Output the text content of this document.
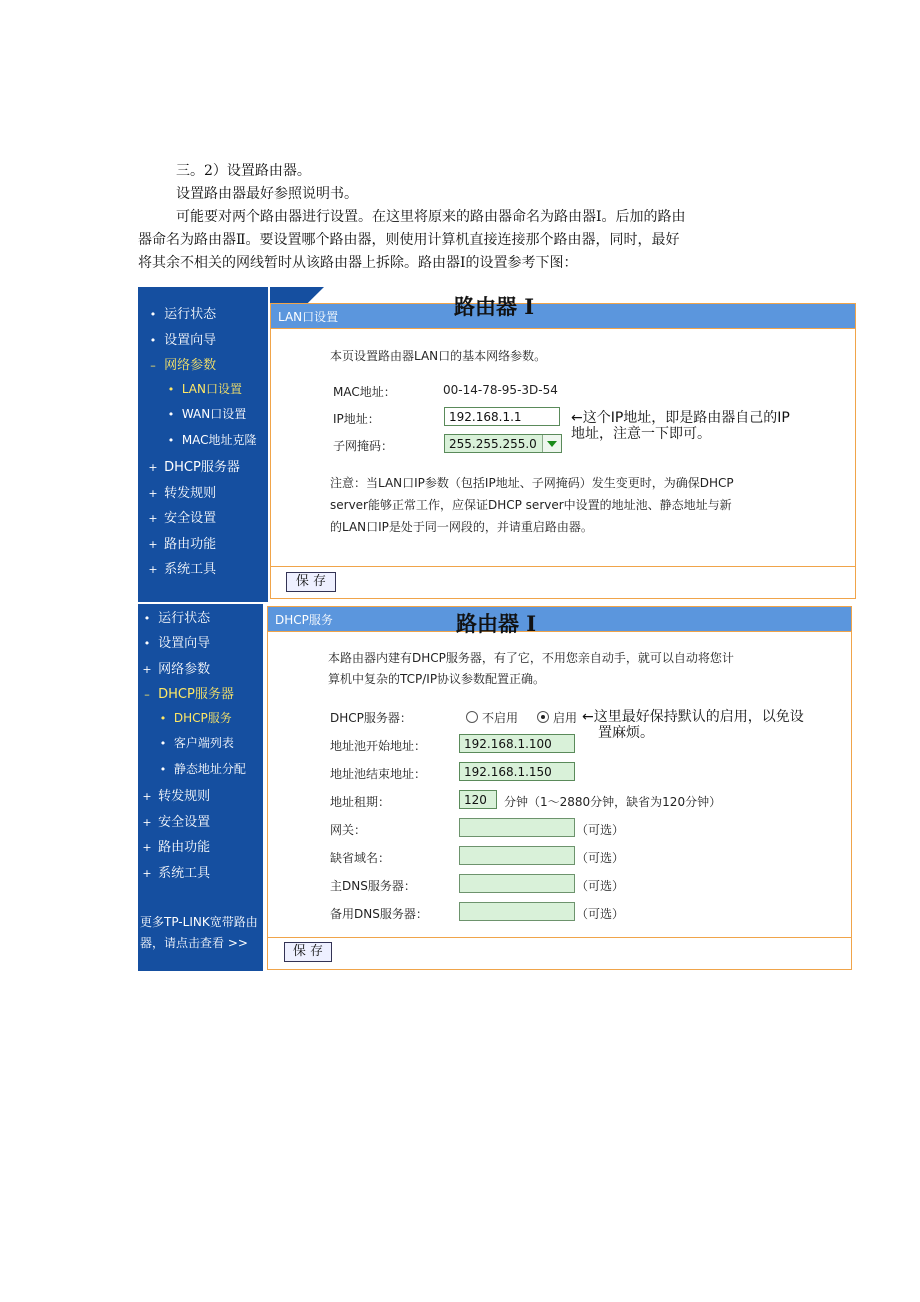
三。2）设置路由器。

设置路由器最好参照说明书。

可能要对两个路由器进行设置。在这里将原来的路由器命名为路由器Ⅰ。后加的路由

器命名为路由器Ⅱ。要设置哪个路由器，则使用计算机直接连接那个路由器，同时，最好

将其余不相关的网线暂时从该路由器上拆除。路由器Ⅰ的设置参考下图：

• 运行状态
• 设置向导
– 网络参数
• LAN口设置
• WAN口设置
• MAC地址克隆
+ DHCP服务器
+ 转发规则
+ 安全设置
+ 路由功能
+ 系统工具
LAN口设置
本页设置路由器LAN口的基本网络参数。
MAC地址：	00-14-78-95-3D-54
IP地址：	192.168.1.1
子网掩码：	255.255.255.0
←这个IP地址，即是路由器自己的IP
地址，注意一下即可。
注意：当LAN口IP参数（包括IP地址、子网掩码）发生变更时，为确保DHCP
server能够正常工作，应保证DHCP server中设置的地址池、静态地址与新
的LAN口IP是处于同一网段的，并请重启路由器。
保 存
路由器 I
• 运行状态
• 设置向导
+ 网络参数
– DHCP服务器
• DHCP服务
• 客户端列表
• 静态地址分配
+ 转发规则
+ 安全设置
+ 路由功能
+ 系统工具
更多TP-LINK宽带路由
器，请点击查看 >>
DHCP服务
本路由器内建有DHCP服务器，有了它，不用您亲自动手，就可以自动将您计
算机中复杂的TCP/IP协议参数配置正确。
DHCP服务器：	不启用	启用 ←这里最好保持默认的启用，以免设
置麻烦。
地址池开始地址：	192.168.1.100
地址池结束地址：	192.168.1.150
地址租期：	120	分钟（1～2880分钟，缺省为120分钟）
网关：	（可选）
缺省域名：	（可选）
主DNS服务器：	（可选）
备用DNS服务器：	（可选）
保 存
路由器 I
